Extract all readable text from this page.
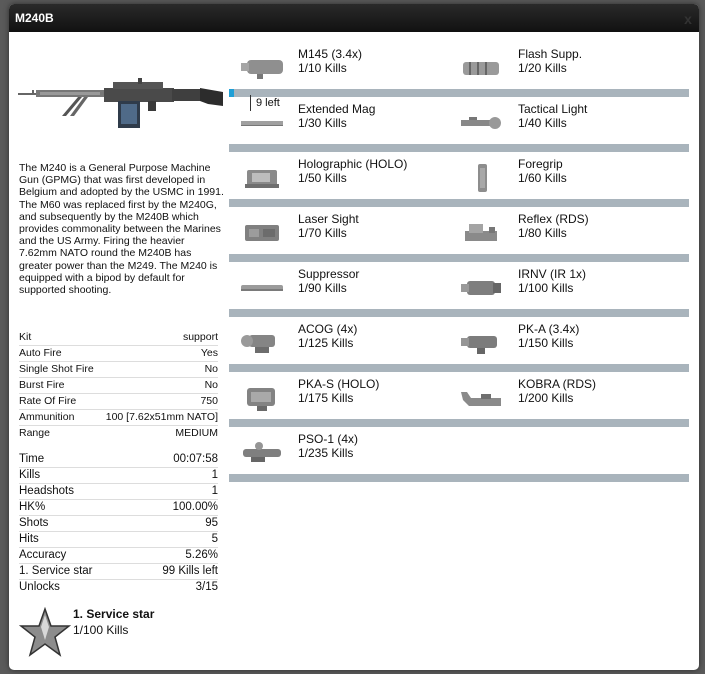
M240B	x
The M240 is a General Purpose Machine Gun (GPMG) that was first developed in Belgium and adopted by the USMC in 1991. The M60 was replaced first by the M240G, and subsequently by the M240B which provides commonality between the Marines and the US Army. Firing the heavier 7.62mm NATO round the M240B has greater power than the M249. The M240 is equipped with a bipod by default for supported shooting.
Kit	support
Auto Fire	Yes
Single Shot Fire	No
Burst Fire	No
Rate Of Fire	750
Ammunition	100 [7.62x51mm NATO]
Range	MEDIUM
Time	00:07:58
Kills	1
Headshots	1
HK%	100.00%
Shots	95
Hits	5
Accuracy	5.26%
1. Service star	99 Kills left
Unlocks	3/15
1. Service star
1/100 Kills
M145 (3.4x)
1/10 Kills
Flash Supp.
1/20 Kills
9 left Extended Mag
1/30 Kills
Tactical Light
1/40 Kills
Holographic (HOLO)
1/50 Kills
Foregrip
1/60 Kills
Laser Sight
1/70 Kills
Reflex (RDS)
1/80 Kills
Suppressor
1/90 Kills
IRNV (IR 1x)
1/100 Kills
ACOG (4x)
1/125 Kills
PK-A (3.4x)
1/150 Kills
PKA-S (HOLO)
1/175 Kills
KOBRA (RDS)
1/200 Kills
PSO-1 (4x)
1/235 Kills
